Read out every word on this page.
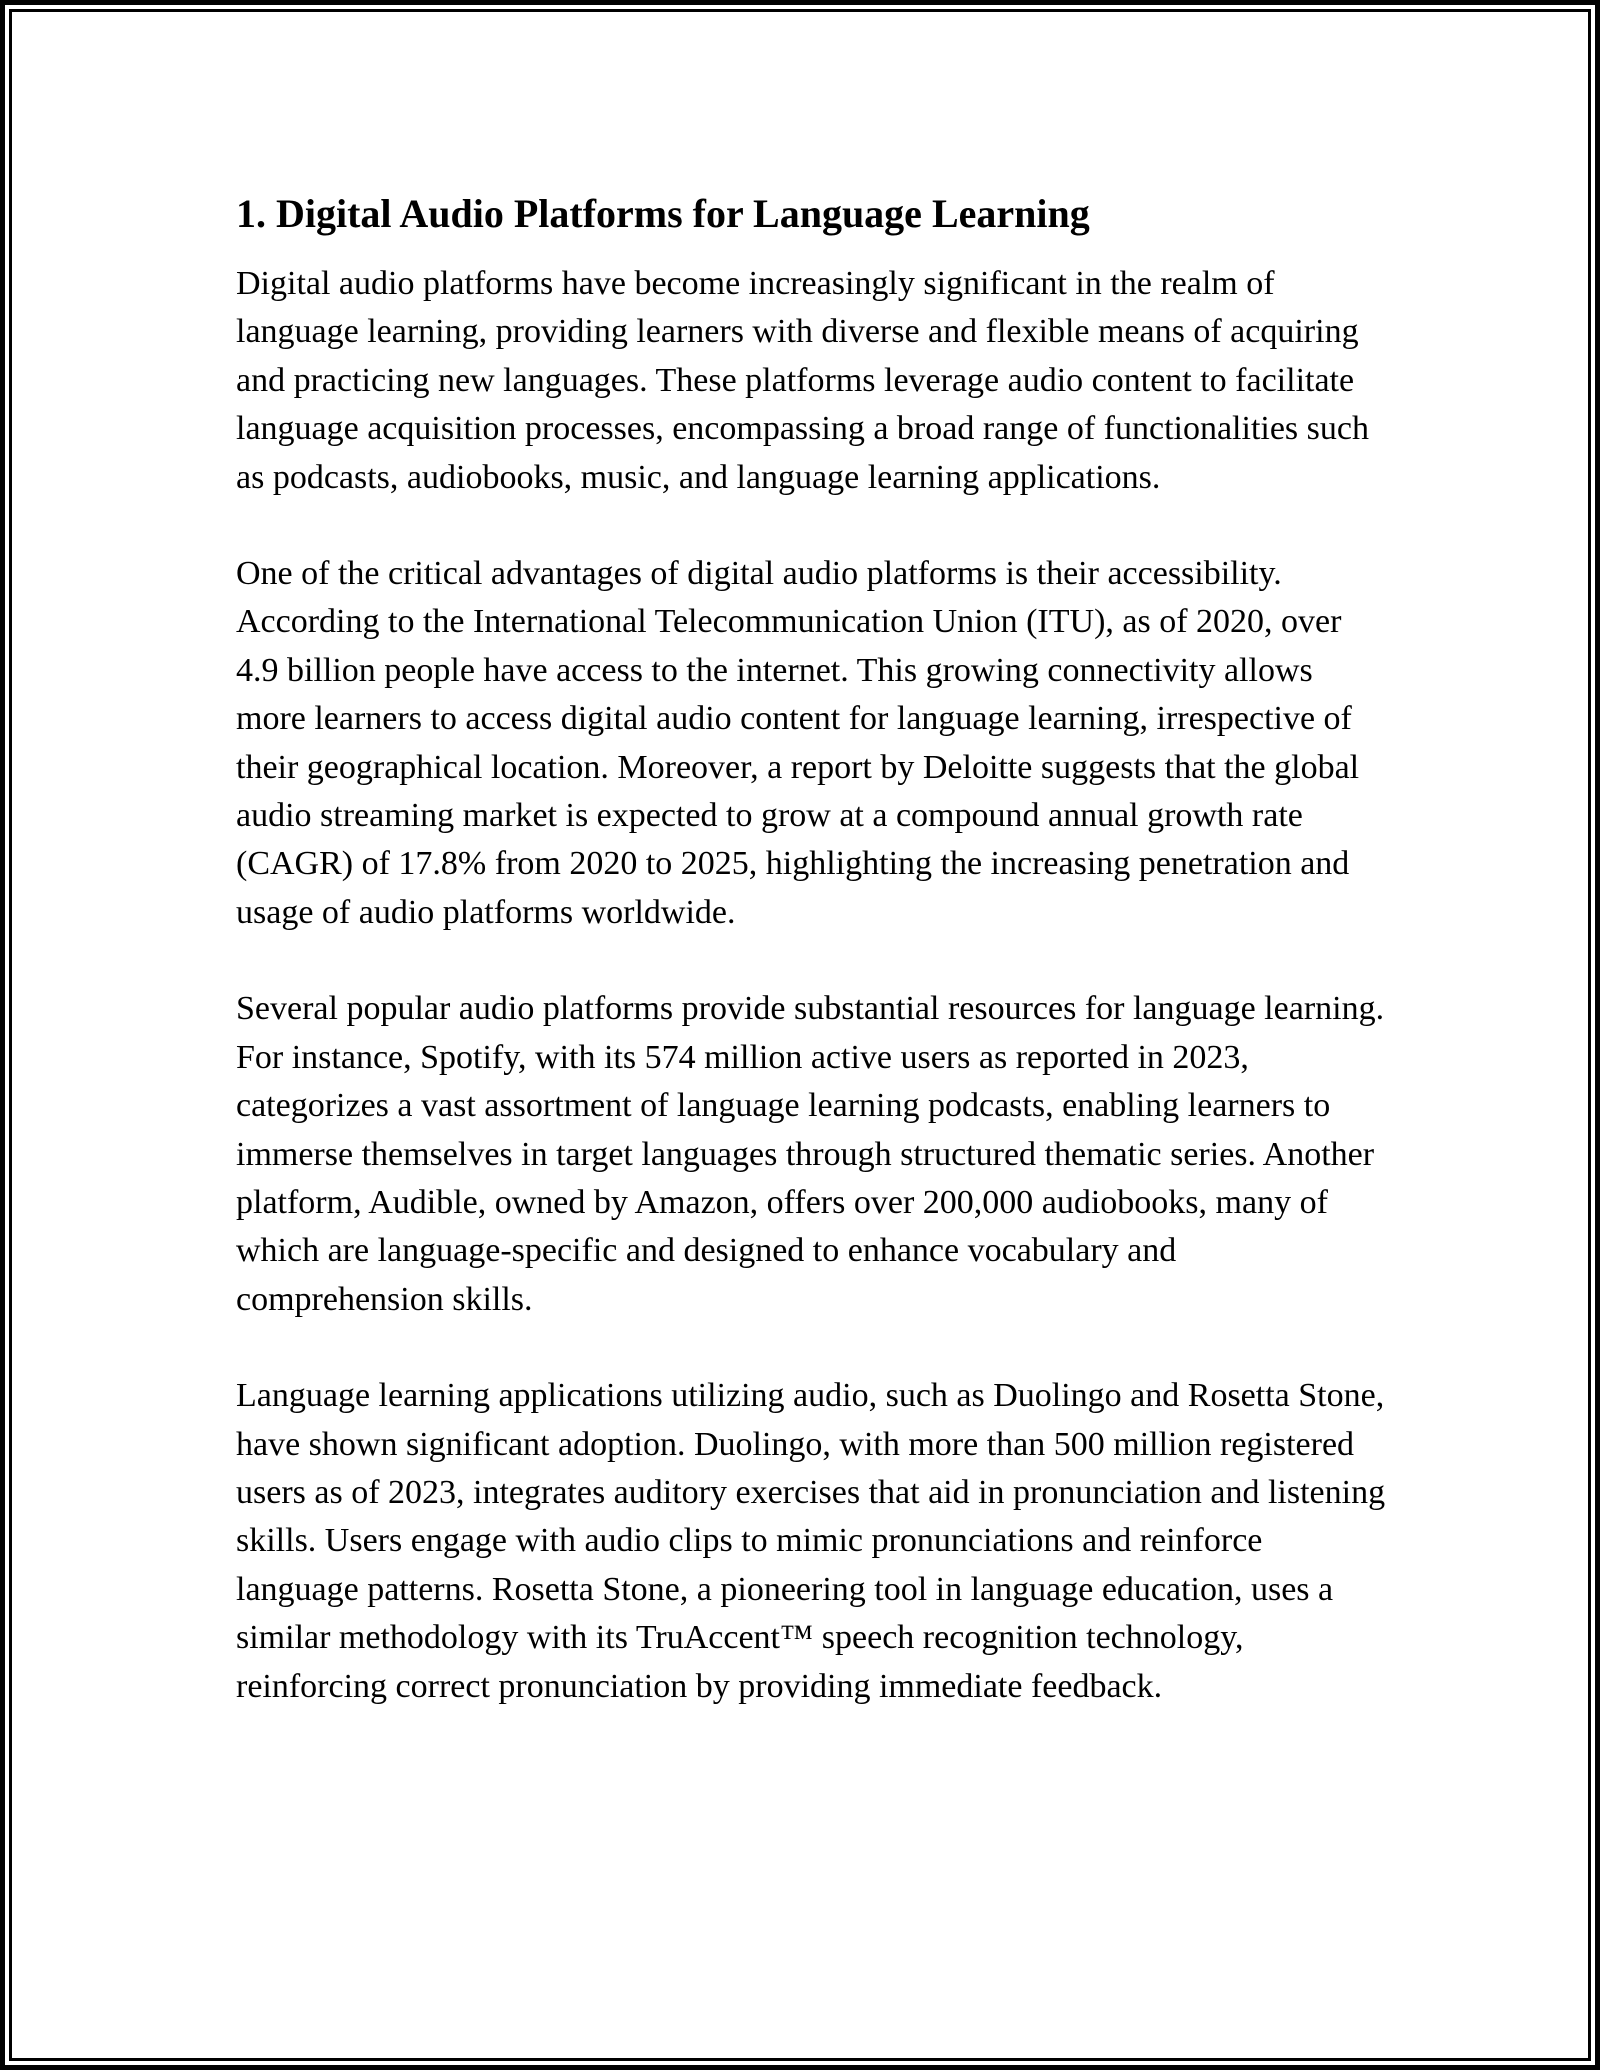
1. Digital Audio Platforms for Language Learning

Digital audio platforms have become increasingly significant in the realm of language learning, providing learners with diverse and flexible means of acquiring and practicing new languages. These platforms leverage audio content to facilitate language acquisition processes, encompassing a broad range of functionalities such as podcasts, audiobooks, music, and language learning applications.

One of the critical advantages of digital audio platforms is their accessibility. According to the International Telecommunication Union (ITU), as of 2020, over 4.9 billion people have access to the internet. This growing connectivity allows more learners to access digital audio content for language learning, irrespective of their geographical location. Moreover, a report by Deloitte suggests that the global audio streaming market is expected to grow at a compound annual growth rate (CAGR) of 17.8% from 2020 to 2025, highlighting the increasing penetration and usage of audio platforms worldwide.

Several popular audio platforms provide substantial resources for language learning. For instance, Spotify, with its 574 million active users as reported in 2023, categorizes a vast assortment of language learning podcasts, enabling learners to immerse themselves in target languages through structured thematic series. Another platform, Audible, owned by Amazon, offers over 200,000 audiobooks, many of which are language-specific and designed to enhance vocabulary and comprehension skills.

Language learning applications utilizing audio, such as Duolingo and Rosetta Stone, have shown significant adoption. Duolingo, with more than 500 million registered users as of 2023, integrates auditory exercises that aid in pronunciation and listening skills. Users engage with audio clips to mimic pronunciations and reinforce language patterns. Rosetta Stone, a pioneering tool in language education, uses a similar methodology with its TruAccent™ speech recognition technology, reinforcing correct pronunciation by providing immediate feedback.
